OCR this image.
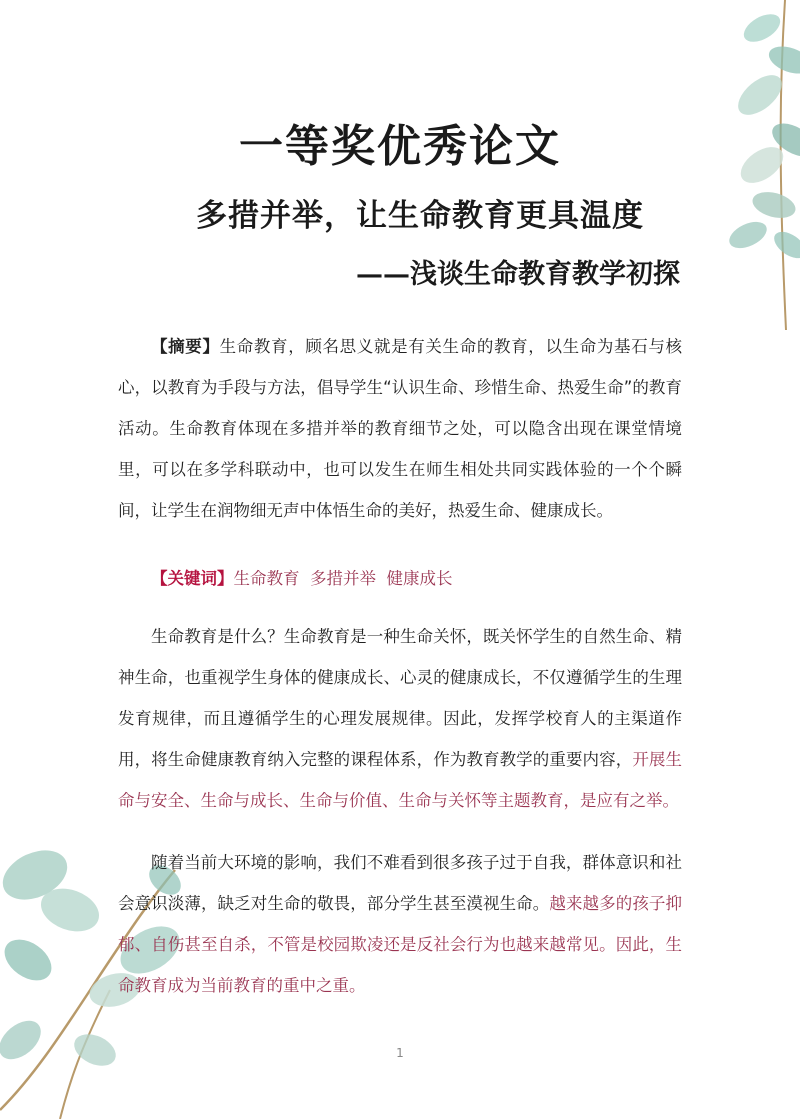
一等奖优秀论文
多措并举，让生命教育更具温度
——浅谈生命教育教学初探

【摘要】生命教育，顾名思义就是有关生命的教育，以生命为基石与核心，以教育为手段与方法，倡导学生“认识生命、珍惜生命、热爱生命”的教育活动。生命教育体现在多措并举的教育细节之处，可以隐含出现在课堂情境里，可以在多学科联动中，也可以发生在师生相处共同实践体验的一个个瞬间，让学生在润物细无声中体悟生命的美好，热爱生命、健康成长。

【关键词】生命教育  多措并举  健康成长

生命教育是什么？生命教育是一种生命关怀，既关怀学生的自然生命、精神生命，也重视学生身体的健康成长、心灵的健康成长，不仅遵循学生的生理发育规律，而且遵循学生的心理发展规律。因此，发挥学校育人的主渠道作用，将生命健康教育纳入完整的课程体系，作为教育教学的重要内容，开展生命与安全、生命与成长、生命与价值、生命与关怀等主题教育，是应有之举。

随着当前大环境的影响，我们不难看到很多孩子过于自我，群体意识和社会意识淡薄，缺乏对生命的敬畏，部分学生甚至漠视生命。越来越多的孩子抑郁、自伤甚至自杀，不管是校园欺凌还是反社会行为也越来越常见。因此，生命教育成为当前教育的重中之重。

1
